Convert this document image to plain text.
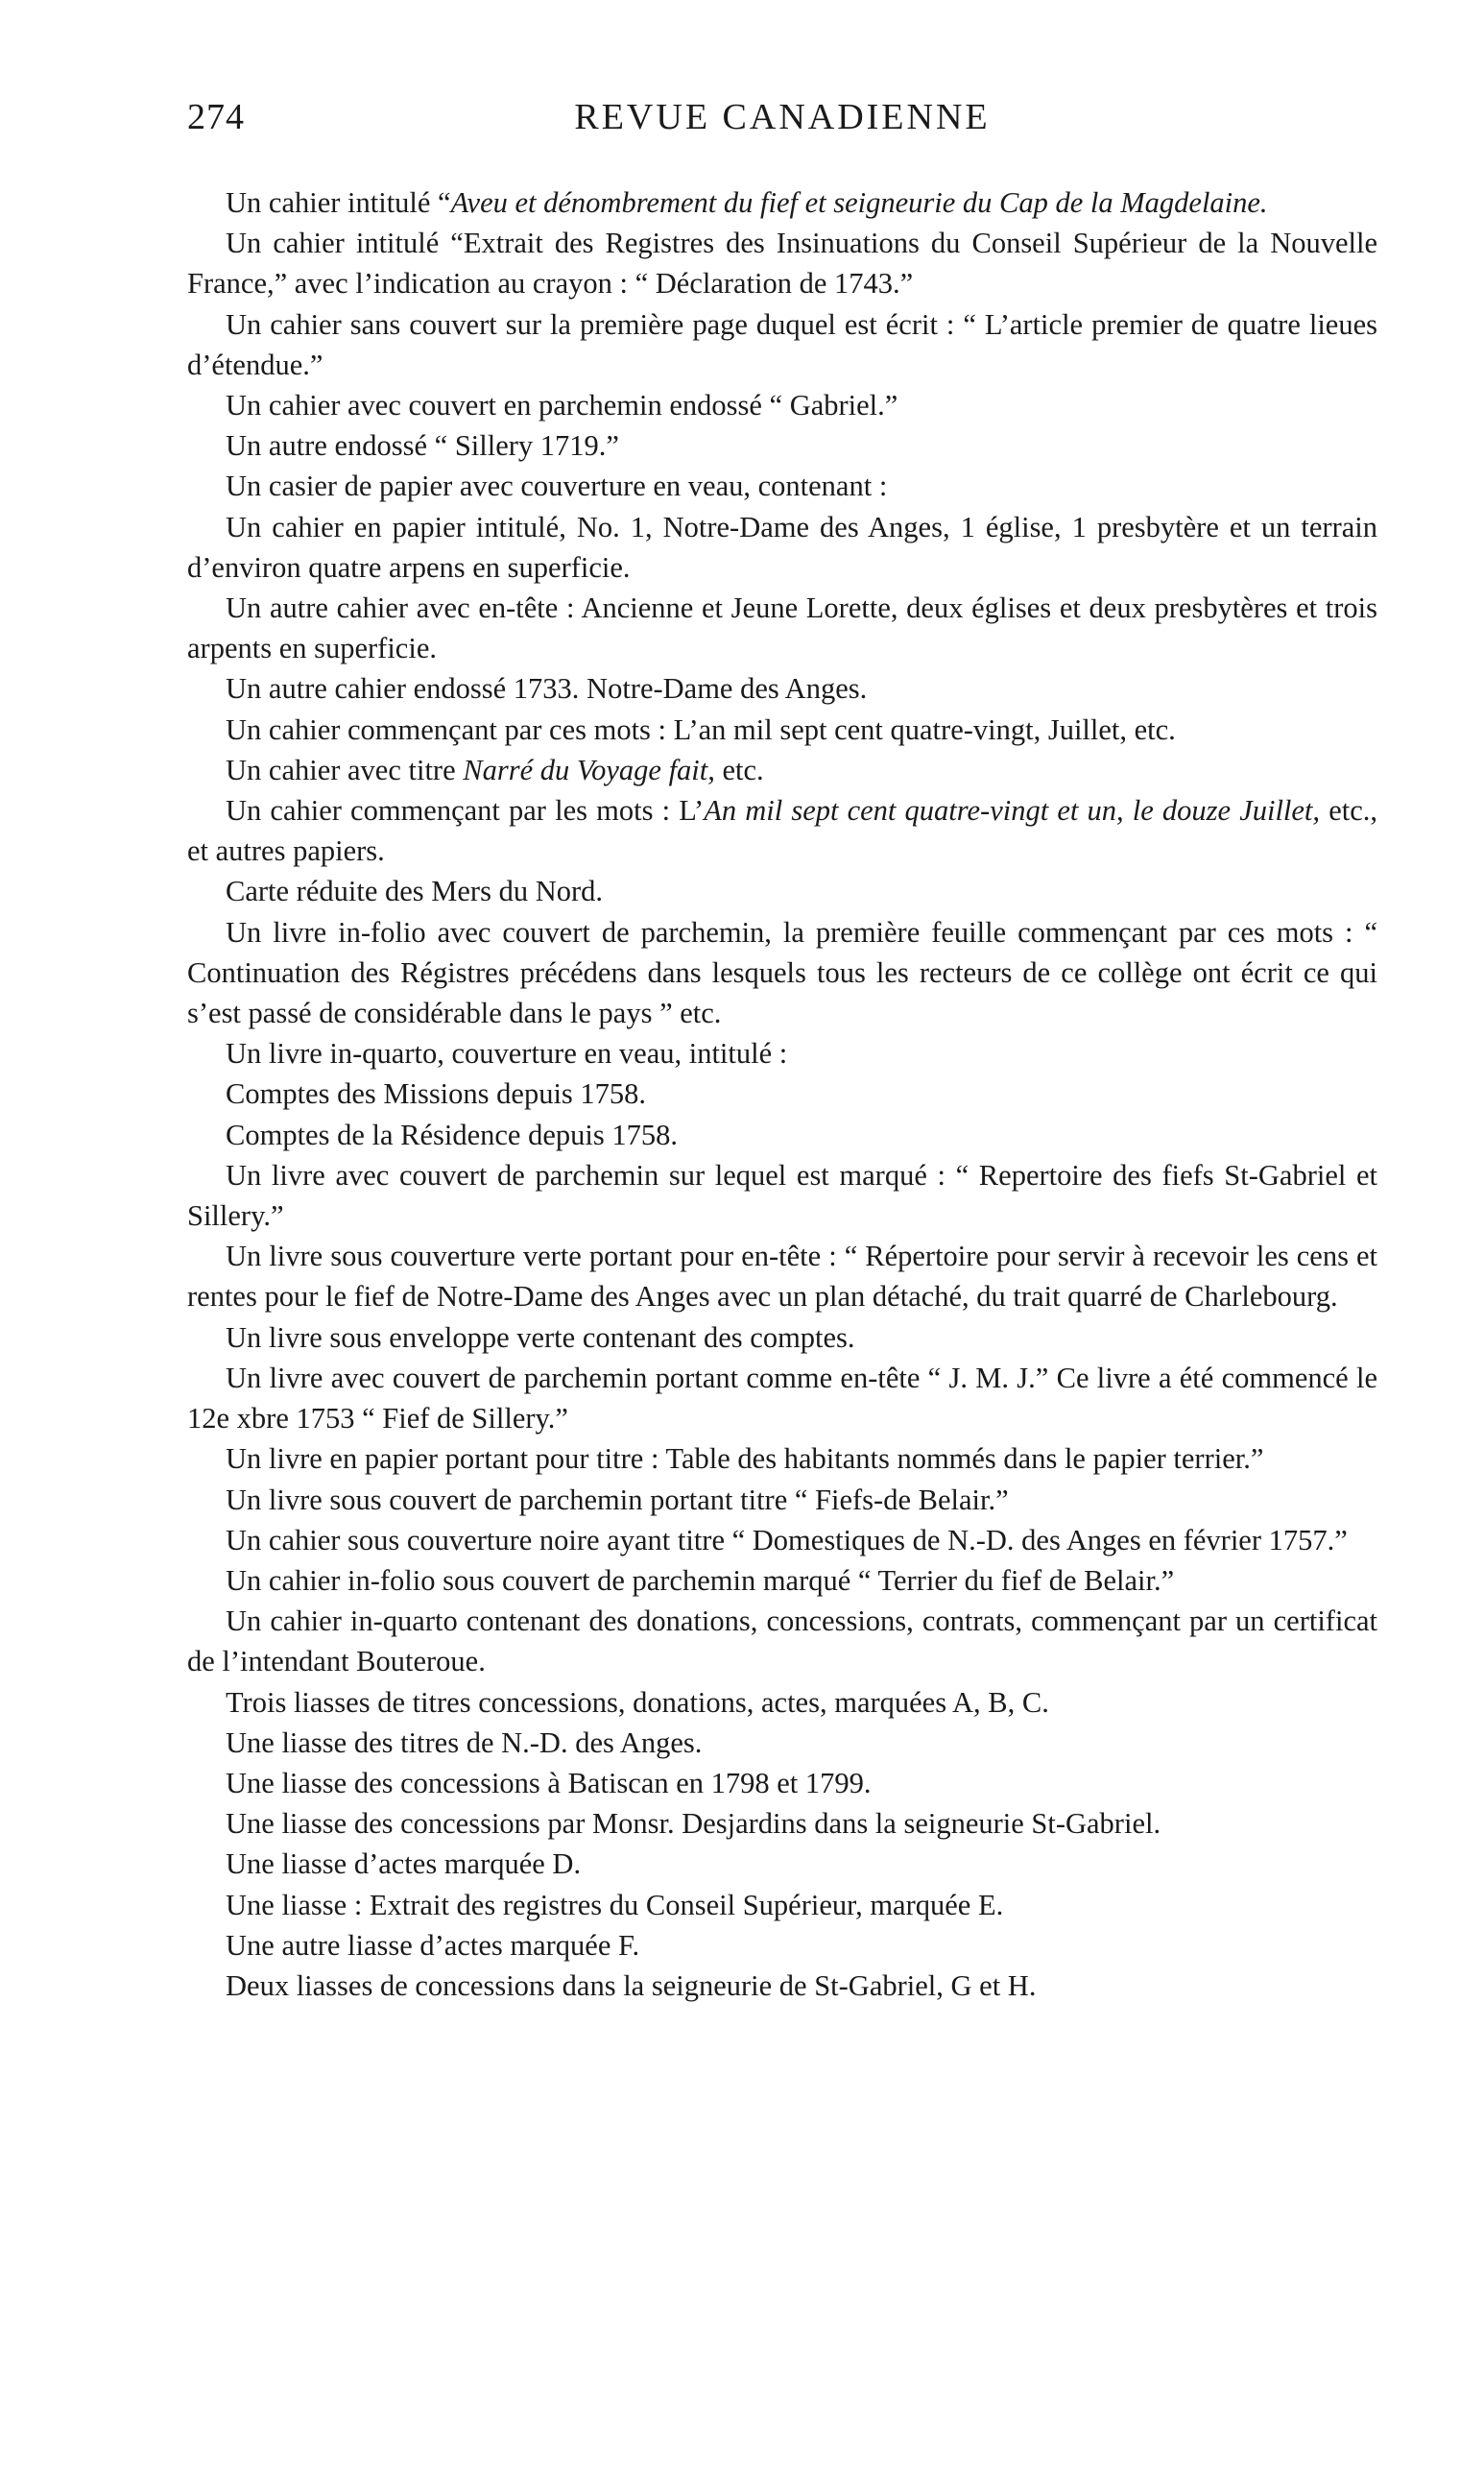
274	REVUE CANADIENNE

Un cahier intitulé “Aveu et dénombrement du fief et seigneurie du Cap de la Magdelaine.

Un cahier intitulé “Extrait des Registres des Insinuations du Conseil Supérieur de la Nouvelle France,” avec l’indication au crayon : “ Déclaration de 1743.”

Un cahier sans couvert sur la première page duquel est écrit : “ L’article premier de quatre lieues d’étendue.”

Un cahier avec couvert en parchemin endossé “ Gabriel.”

Un autre endossé “ Sillery 1719.”

Un casier de papier avec couverture en veau, contenant :

Un cahier en papier intitulé, No. 1, Notre-Dame des Anges, 1 église, 1 presbytère et un terrain d’environ quatre arpens en superficie.

Un autre cahier avec en-tête : Ancienne et Jeune Lorette, deux églises et deux presbytères et trois arpents en superficie.

Un autre cahier endossé 1733. Notre-Dame des Anges.

Un cahier commençant par ces mots : L’an mil sept cent quatre-vingt, Juillet, etc.

Un cahier avec titre Narré du Voyage fait, etc.

Un cahier commençant par les mots : L’An mil sept cent quatre-vingt et un, le douze Juillet, etc., et autres papiers.

Carte réduite des Mers du Nord.

Un livre in-folio avec couvert de parchemin, la première feuille commençant par ces mots : “ Continuation des Régistres précédens dans lesquels tous les recteurs de ce collège ont écrit ce qui s’est passé de considérable dans le pays ” etc.

Un livre in-quarto, couverture en veau, intitulé :

Comptes des Missions depuis 1758.

Comptes de la Résidence depuis 1758.

Un livre avec couvert de parchemin sur lequel est marqué : “ Repertoire des fiefs St-Gabriel et Sillery.”

Un livre sous couverture verte portant pour en-tête : “ Répertoire pour servir à recevoir les cens et rentes pour le fief de Notre-Dame des Anges avec un plan détaché, du trait quarré de Charlebourg.

Un livre sous enveloppe verte contenant des comptes.

Un livre avec couvert de parchemin portant comme en-tête “ J. M. J.” Ce livre a été commencé le 12e xbre 1753 “ Fief de Sillery.”

Un livre en papier portant pour titre : Table des habitants nommés dans le papier terrier.”

Un livre sous couvert de parchemin portant titre “ Fiefs-de Belair.”

Un cahier sous couverture noire ayant titre “ Domestiques de N.-D. des Anges en février 1757.”

Un cahier in-folio sous couvert de parchemin marqué “ Terrier du fief de Belair.”

Un cahier in-quarto contenant des donations, concessions, contrats, commençant par un certificat de l’intendant Bouteroue.

Trois liasses de titres concessions, donations, actes, marquées A, B, C.

Une liasse des titres de N.-D. des Anges.

Une liasse des concessions à Batiscan en 1798 et 1799.

Une liasse des concessions par Monsr. Desjardins dans la seigneurie St-Gabriel.

Une liasse d’actes marquée D.

Une liasse : Extrait des registres du Conseil Supérieur, marquée E.

Une autre liasse d’actes marquée F.

Deux liasses de concessions dans la seigneurie de St-Gabriel, G et H.
